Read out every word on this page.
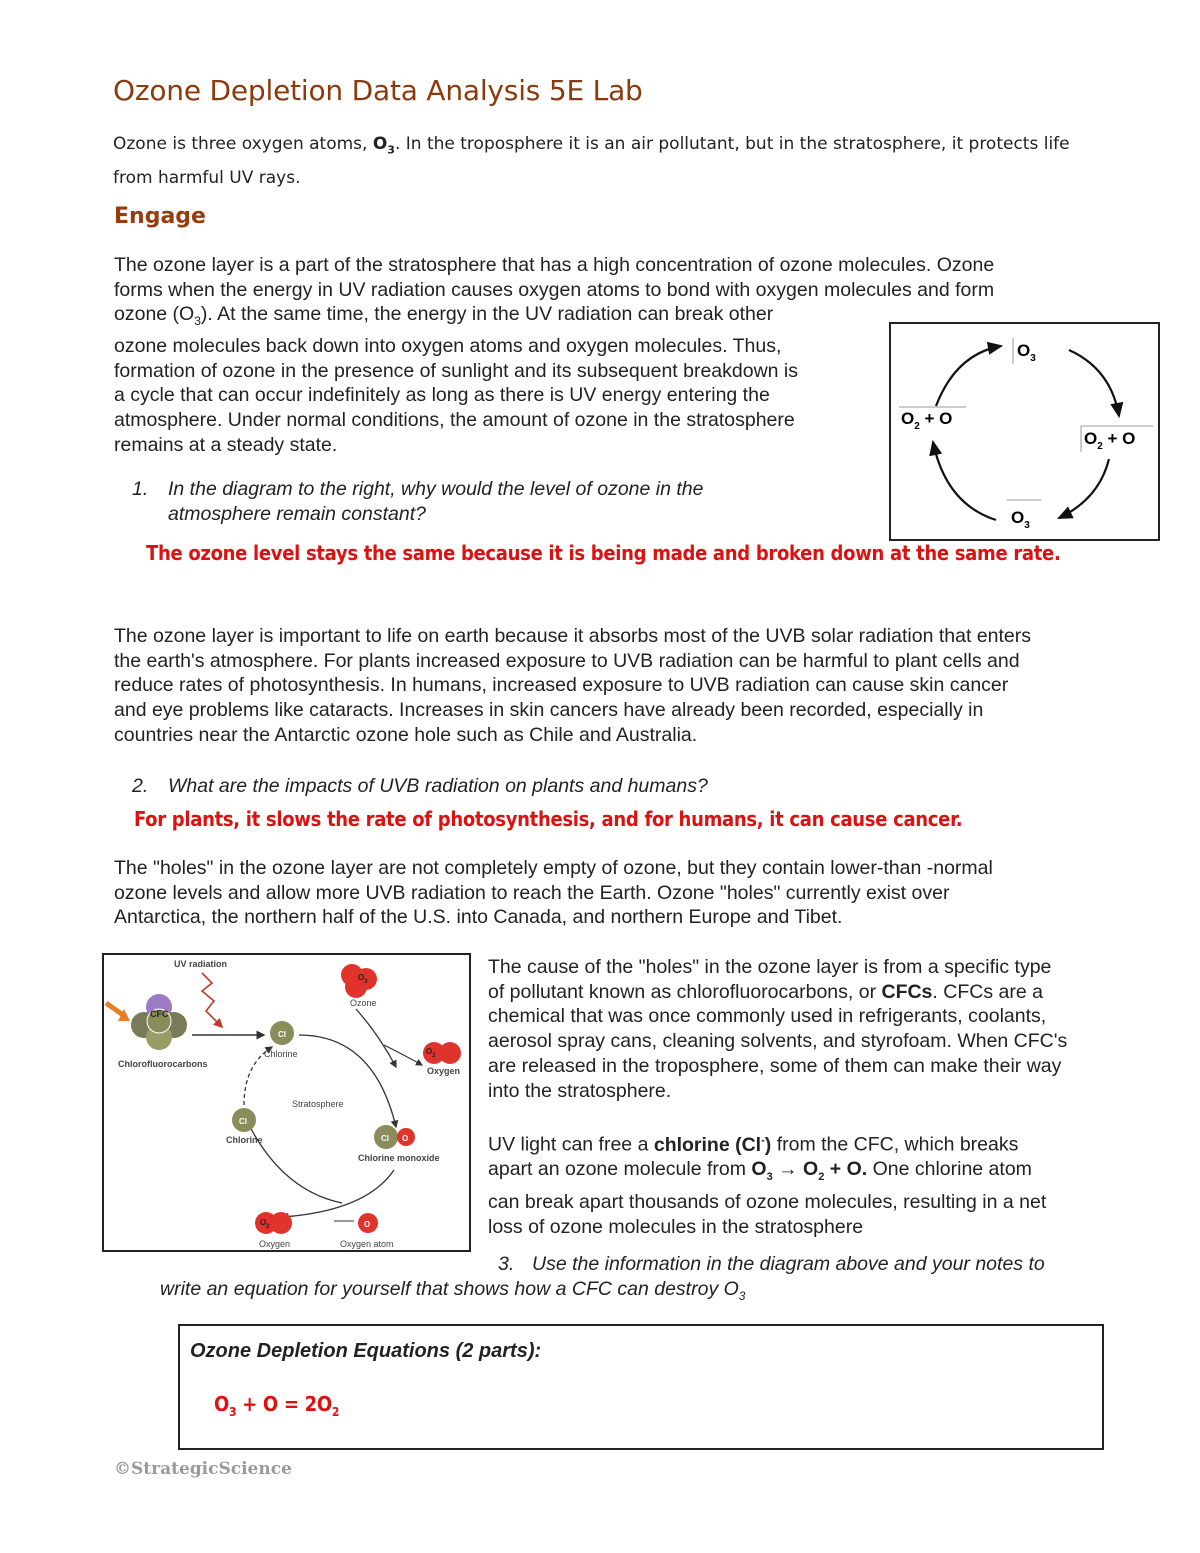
Ozone Depletion Data Analysis 5E Lab
Ozone is three oxygen atoms, $O_3$. In the troposphere it is an air pollutant, but in the stratosphere, it protects life
from harmful UV rays.
Engage
The ozone layer is a part of the stratosphere that has a high concentration of ozone molecules. Ozone
forms when the energy in UV radiation causes oxygen atoms to bond with oxygen molecules and form
ozone $(O_3)$. At the same time, the energy in the UV radiation can break other
ozone molecules back down into oxygen atoms and oxygen molecules. Thus,
formation of ozone in the presence of sunlight and its subsequent breakdown is
a cycle that can occur indefinitely as long as there is UV energy entering the
atmosphere. Under normal conditions, the amount of ozone in the stratosphere
remains at a steady state.
$O_3$
$O_2 + O$
$O_2 + O$
$O_3$
1. In the diagram to the right, why would the level of ozone in the
atmosphere remain constant?
The ozone level stays the same because it is being made and broken down at the same rate.
The ozone layer is important to life on earth because it absorbs most of the UVB solar radiation that enters
the earth's atmosphere. For plants increased exposure to UVB radiation can be harmful to plant cells and
reduce rates of photosynthesis. In humans, increased exposure to UVB radiation can cause skin cancer
and eye problems like cataracts. Increases in skin cancers have already been recorded, especially in
countries near the Antarctic ozone hole such as Chile and Australia.
2. What are the impacts of UVB radiation on plants and humans?
For plants, it slows the rate of photosynthesis, and for humans, it can cause cancer.
The "holes" in the ozone layer are not completely empty of ozone, but they contain lower-than -normal
ozone levels and allow more UVB radiation to reach the Earth. Ozone "holes" currently exist over
Antarctica, the northern half of the U.S. into Canada, and northern Europe and Tibet.
UV radiation
CFC
Chlorofluorocarbons
Cl
Chlorine
$O_3$
Ozone
$O_2$
Oxygen
Stratosphere
Cl O
Chlorine monoxide
O
Oxygen atom
$O_2$
Oxygen
Cl
Chlorine
The cause of the "holes" in the ozone layer is from a specific type
of pollutant known as chlorofluorocarbons, or CFCs. CFCs are a
chemical that was once commonly used in refrigerants, coolants,
aerosol spray cans, cleaning solvents, and styrofoam. When CFC's
are released in the troposphere, some of them can make their way
into the stratosphere.
UV light can free a chlorine (Cl-) from the CFC, which breaks
apart an ozone molecule from $O_3 \to O_2 + O$. One chlorine atom
can break apart thousands of ozone molecules, resulting in a net
loss of ozone molecules in the stratosphere
3. Use the information in the diagram above and your notes to
write an equation for yourself that shows how a CFC can destroy $O_3$
Ozone Depletion Equations (2 parts):
$O_3 + O = 2O_2$
©StrategicScience
